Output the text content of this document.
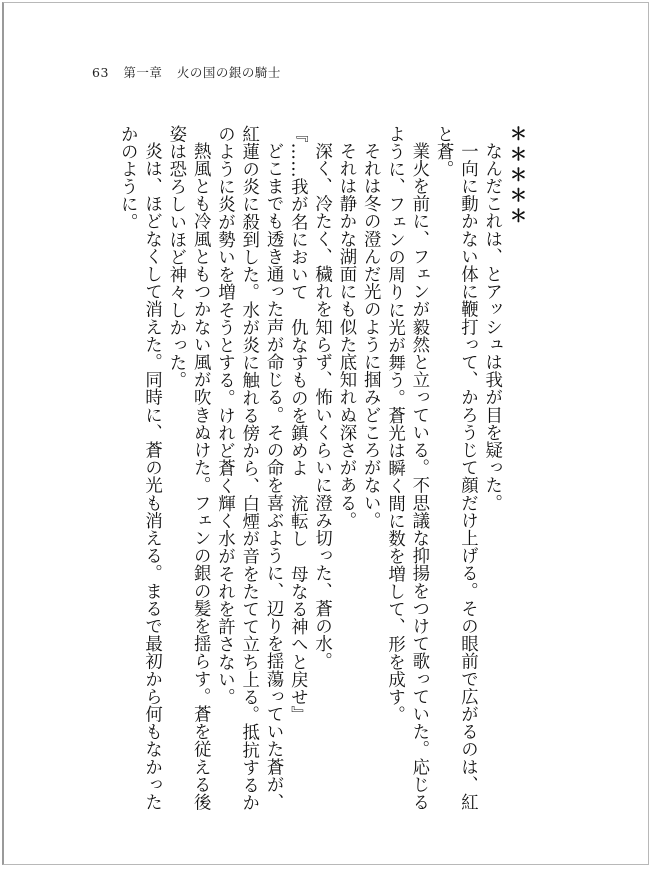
63 第一章 火の国の銀の騎士

＊＊＊＊＊

なんだこれは、とアッシュは我が目を疑った。

一向に動かない体に鞭打って、かろうじて顔だけ上げる。その眼前で広がるのは、紅と蒼。

業火を前に、フェンが毅然と立っている。不思議な抑揚をつけて歌っていた。応じるように、フェンの周りに光が舞う。蒼光は瞬く間に数を増して、形を成す。

それは冬の澄んだ光のように掴みどころがない。

それは静かな湖面にも似た底知れぬ深さがある。

深く、冷たく、穢れを知らず、怖いくらいに澄み切った、蒼の水。

『……我が名において　仇なすものを鎮めよ　流転し　母なる神へと戻せ』

どこまでも透き通った声が命じる。その命を喜ぶように、辺りを揺蕩っていた蒼が、紅蓮の炎に殺到した。水が炎に触れる傍から、白煙が音をたてて立ち上る。抵抗するかのように炎が勢いを増そうとする。けれど蒼く輝く水がそれを許さない。

熱風とも冷風ともつかない風が吹きぬけた。フェンの銀の髪を揺らす。蒼を従える後姿は恐ろしいほど神々しかった。

炎は、ほどなくして消えた。同時に、蒼の光も消える。まるで最初から何もなかったかのように。
